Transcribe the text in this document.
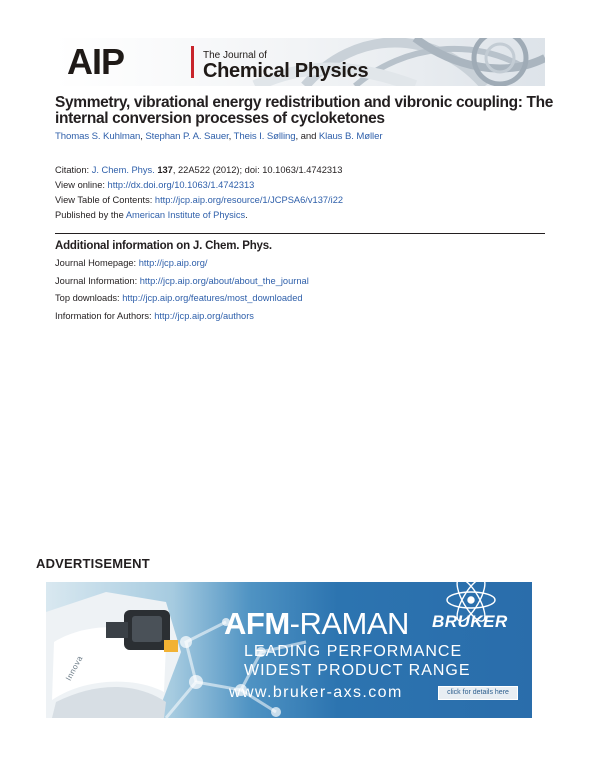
AIP	The Journal of
Chemical Physics
Symmetry, vibrational energy redistribution and vibronic coupling: The internal conversion processes of cycloketones
Thomas S. Kuhlman, Stephan P. A. Sauer, Theis I. Sølling, and Klaus B. Møller
Citation: J. Chem. Phys. 137, 22A522 (2012); doi: 10.1063/1.4742313
View online: http://dx.doi.org/10.1063/1.4742313
View Table of Contents: http://jcp.aip.org/resource/1/JCPSA6/v137/i22
Published by the American Institute of Physics.
Additional information on J. Chem. Phys.
Journal Homepage: http://jcp.aip.org/
Journal Information: http://jcp.aip.org/about/about_the_journal
Top downloads: http://jcp.aip.org/features/most_downloaded
Information for Authors: http://jcp.aip.org/authors
ADVERTISEMENT
Innova
AFM-RAMAN BRUKER
LEADING PERFORMANCE
WIDEST PRODUCT RANGE
www.bruker-axs.com	click for details here
